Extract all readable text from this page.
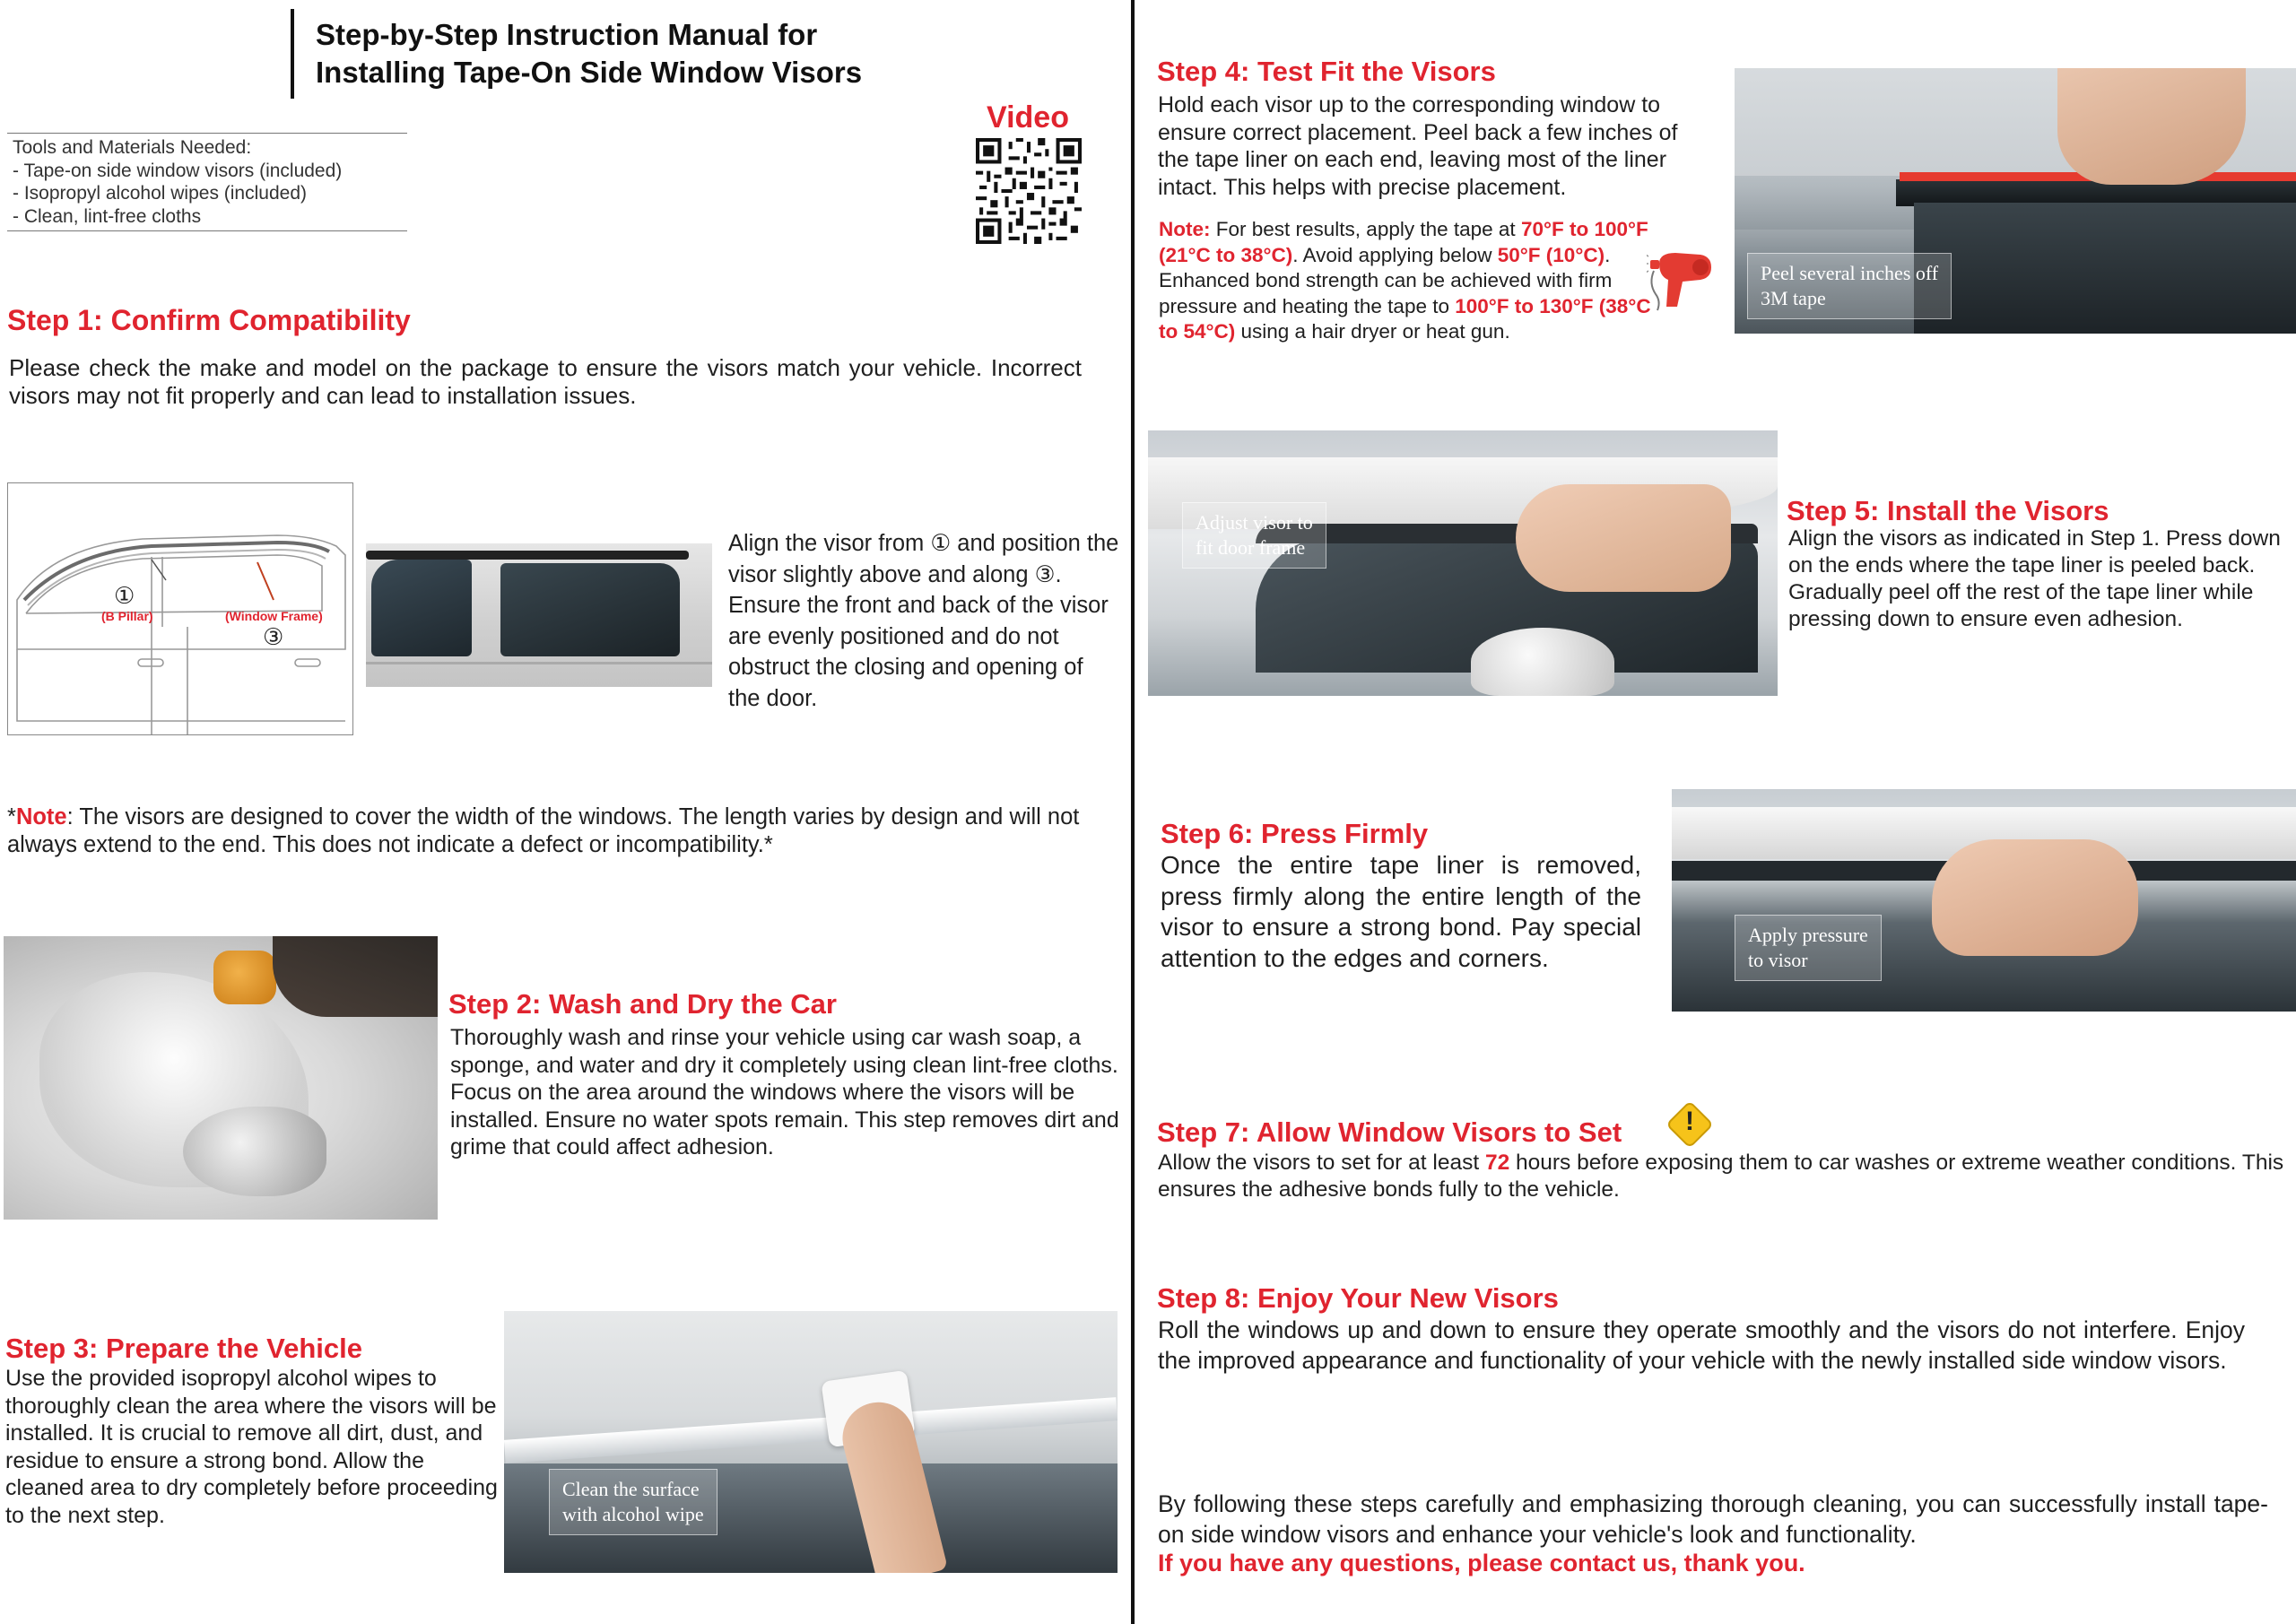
Step-by-Step Instruction Manual for
Installing Tape-On Side Window Visors
Video
Tools and Materials Needed:
- Tape-on side window visors (included)
- Isopropyl alcohol wipes (included)
- Clean, lint-free cloths
Step 1: Confirm Compatibility
Please check the make and model on the package to ensure the visors match your vehicle. Incorrect visors may not fit properly and can lead to installation issues.
①
(B Pillar)	(Window Frame)
③
Align the visor from ① and position the visor slightly above and along ③. Ensure the front and back of the visor are evenly positioned and do not obstruct the closing and opening of the door.
*Note: The visors are designed to cover the width of the windows. The length varies by design and will not always extend to the end. This does not indicate a defect or incompatibility.*
Step 2: Wash and Dry the Car
Thoroughly wash and rinse your vehicle using car wash soap, a sponge, and water and dry it completely using clean lint-free cloths. Focus on the area around the windows where the visors will be installed. Ensure no water spots remain. This step removes dirt and grime that could affect adhesion.
Step 3: Prepare the Vehicle
Use the provided isopropyl alcohol wipes to thoroughly clean the area where the visors will be installed. It is crucial to remove all dirt, dust, and residue to ensure a strong bond. Allow the cleaned area to dry completely before proceeding to the next step.
Clean the surface
with alcohol wipe
Step 4: Test Fit the Visors
Hold each visor up to the corresponding window to ensure correct placement. Peel back a few inches of the tape liner on each end, leaving most of the liner intact. This helps with precise placement.
Note: For best results, apply the tape at 70°F to 100°F (21°C to 38°C). Avoid applying below 50°F (10°C). Enhanced bond strength can be achieved with firm pressure and heating the tape to 100°F to 130°F (38°C to 54°C) using a hair dryer or heat gun.
Peel several inches off
3M tape
Adjust visor to
fit door frame
Step 5: Install the Visors
Align the visors as indicated in Step 1. Press down on the ends where the tape liner is peeled back. Gradually peel off the rest of the tape liner while pressing down to ensure even adhesion.
Step 6: Press Firmly
Once the entire tape liner is removed, press firmly along the entire length of the visor to ensure a strong bond. Pay special attention to the edges and corners.
Apply pressure
to visor
Step 7: Allow Window Visors to Set	!
Allow the visors to set for at least 72 hours before exposing them to car washes or extreme weather conditions. This ensures the adhesive bonds fully to the vehicle.
Step 8: Enjoy Your New Visors
Roll the windows up and down to ensure they operate smoothly and the visors do not interfere. Enjoy the improved appearance and functionality of your vehicle with the newly installed side window visors.
By following these steps carefully and emphasizing thorough cleaning, you can successfully install tape-on side window visors and enhance your vehicle's look and functionality.
If you have any questions, please contact us, thank you.
